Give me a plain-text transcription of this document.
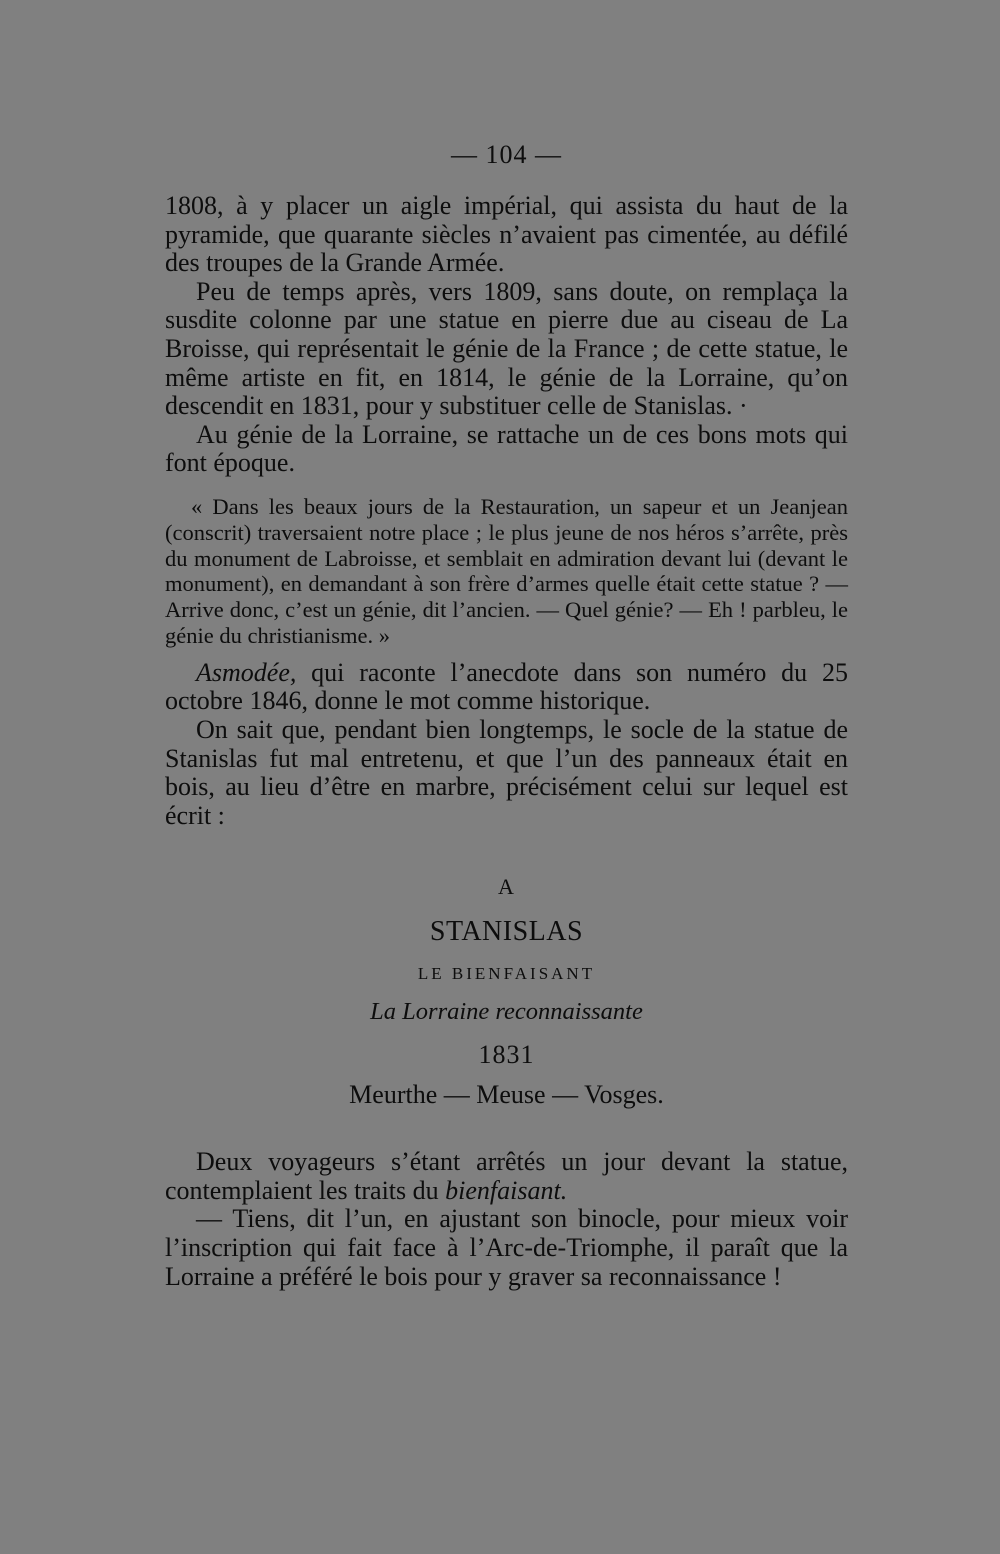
— 104 —

1808, à y placer un aigle impérial, qui assista du haut de la pyramide, que quarante siècles n’avaient pas cimentée, au défilé des troupes de la Grande Armée.

Peu de temps après, vers 1809, sans doute, on remplaça la susdite colonne par une statue en pierre due au ciseau de La Broisse, qui représentait le génie de la France ; de cette statue, le même artiste en fit, en 1814, le génie de la Lorraine, qu’on descendit en 1831, pour y substituer celle de Stanislas. ·

Au génie de la Lorraine, se rattache un de ces bons mots qui font époque.

« Dans les beaux jours de la Restauration, un sapeur et un Jeanjean (conscrit) traversaient notre place ; le plus jeune de nos héros s’arrête, près du monument de Labroisse, et semblait en admiration devant lui (devant le monument), en demandant à son frère d’armes quelle était cette statue ? — Arrive donc, c’est un génie, dit l’ancien. — Quel génie? — Eh ! parbleu, le génie du christianisme. »

Asmodée, qui raconte l’anecdote dans son numéro du 25 octobre 1846, donne le mot comme historique.

On sait que, pendant bien longtemps, le socle de la statue de Stanislas fut mal entretenu, et que l’un des panneaux était en bois, au lieu d’être en marbre, précisément celui sur lequel est écrit :

A

STANISLAS

LE BIENFAISANT

La Lorraine reconnaissante

1831

Meurthe — Meuse — Vosges.

Deux voyageurs s’étant arrêtés un jour devant la statue, contemplaient les traits du bienfaisant.

— Tiens, dit l’un, en ajustant son binocle, pour mieux voir l’inscription qui fait face à l’Arc-de-Triomphe, il paraît que la Lorraine a préféré le bois pour y graver sa reconnaissance !
